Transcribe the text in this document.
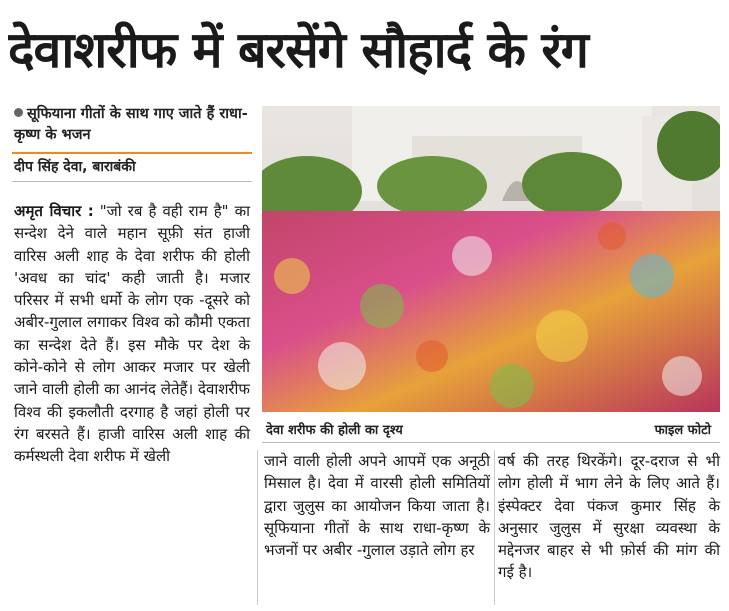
देवाशरीफ में बरसेंगे सौहार्द के रंग
सूफियाना गीतों के साथ गाए जाते हैं राधा-कृष्ण के भजन
दीप सिंह देवा, बाराबंकी
देवा शरीफ की होली का दृश्य	फाइल फोटो
अमृत विचार : "जो रब है वही राम है" का सन्देश देने वाले महान सूफ़ी संत हाजी वारिस अली शाह के देवा शरीफ की होली 'अवध का चांद' कही जाती है। मजार परिसर में सभी धर्मो के लोग एक -दूसरे को अबीर-गुलाल लगाकर विश्व को कौमी एकता का सन्देश देते हैं। इस मौके पर देश के कोने-कोने से लोग आकर मजार पर खेली जाने वाली होली का आनंद लेतेहैं। देवाशरीफ विश्व की इकलौती दरगाह है जहां होली पर रंग बरसते हैं। हाजी वारिस अली शाह की कर्मस्थली देवा शरीफ में खेली	जाने वाली होली अपने आपमें एक अनूठी मिसाल है। देवा में वारसी होली समितियों द्वारा जुलुस का आयोजन किया जाता है। सूफियाना गीतों के साथ राधा-कृष्ण के भजनों पर अबीर -गुलाल उड़ाते लोग हर
वर्ष की तरह थिरकेंगे। दूर-दराज से भी लोग होली में भाग लेने के लिए आते हैं।इंस्पेक्टर देवा पंकज कुमार सिंह के अनुसार जुलुस में सुरक्षा व्यवस्था के मद्देनजर बाहर से भी फ़ोर्स की मांग की गई है।
